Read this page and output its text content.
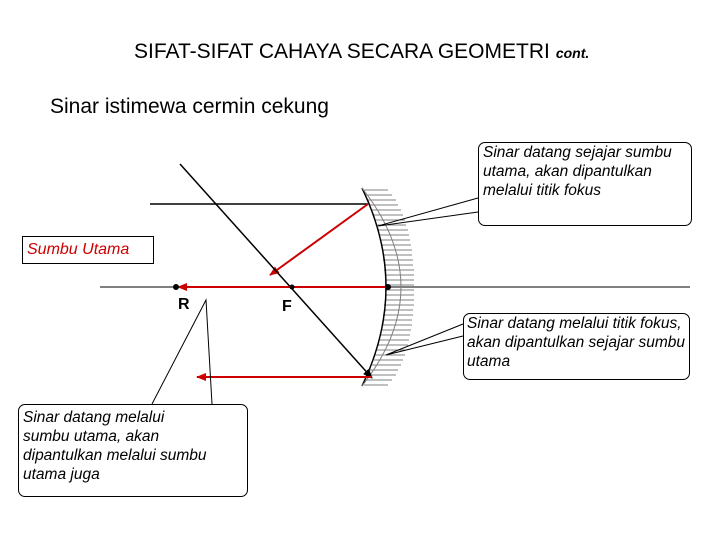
SIFAT-SIFAT CAHAYA SECARA GEOMETRI cont.
Sinar istimewa cermin cekung
Sumbu Utama
R	F
Sinar datang sejajar sumbu utama, akan dipantulkan melalui titik fokus
Sinar datang melalui titik fokus, akan dipantulkan sejajar sumbu utama
Sinar datang melalui
sumbu utama, akan
dipantulkan melalui sumbu
utama juga
